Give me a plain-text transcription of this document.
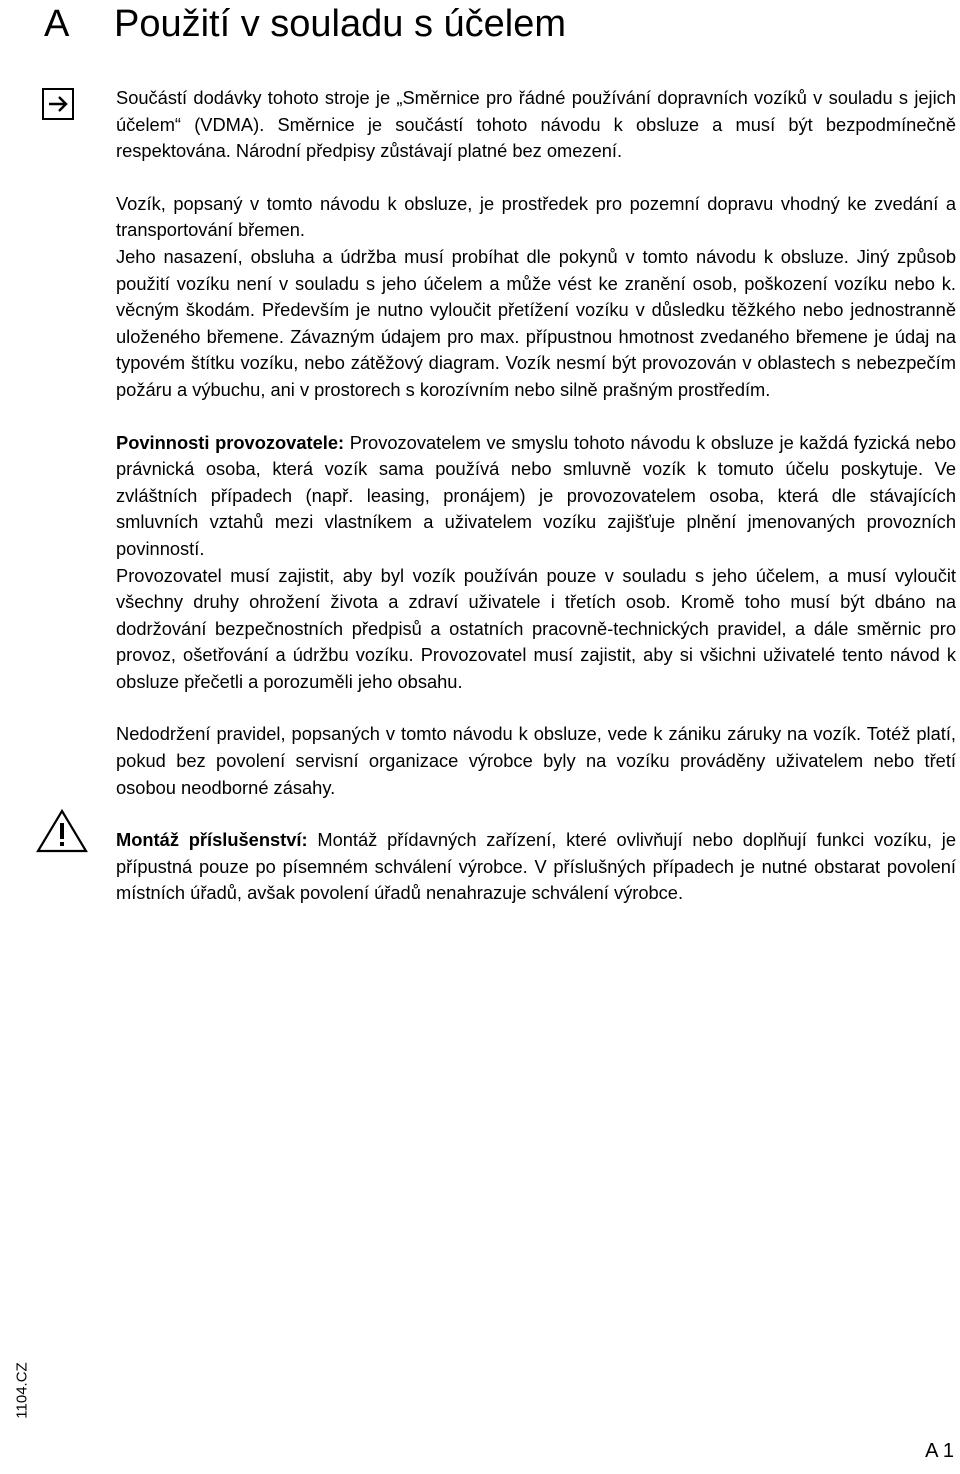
A Použití v souladu s účelem

Součástí dodávky tohoto stroje je „Směrnice pro řádné používání dopravních vozíků v souladu s jejich účelem“ (VDMA). Směrnice je součástí tohoto návodu k obsluze a musí být bezpodmínečně respektována. Národní předpisy zůstávají platné bez omezení.

Vozík, popsaný v tomto návodu k obsluze, je prostředek pro pozemní dopravu vhodný ke zvedání a transportování břemen.

Jeho nasazení, obsluha a údržba musí probíhat dle pokynů v tomto návodu k obsluze. Jiný způsob použití vozíku není v souladu s jeho účelem a může vést ke zranění osob, poškození vozíku nebo k. věcným škodám. Především je nutno vyloučit přetížení vozíku v důsledku těžkého nebo jednostranně uloženého břemene. Závazným údajem pro max. přípustnou hmotnost zvedaného břemene je údaj na typovém štítku vozíku, nebo zátěžový diagram. Vozík nesmí být provozován v oblastech s nebezpečím požáru a výbuchu, ani v prostorech s korozívním nebo silně prašným prostředím.

Povinnosti provozovatele: Provozovatelem ve smyslu tohoto návodu k obsluze je každá fyzická nebo právnická osoba, která vozík sama používá nebo smluvně vozík k tomuto účelu poskytuje. Ve zvláštních případech (např. leasing, pronájem) je provozovatelem osoba, která dle stávajících smluvních vztahů mezi vlastníkem a uživatelem vozíku zajišťuje plnění jmenovaných provozních povinností.

Provozovatel musí zajistit, aby byl vozík používán pouze v souladu s jeho účelem, a musí vyloučit všechny druhy ohrožení života a zdraví uživatele i třetích osob. Kromě toho musí být dbáno na dodržování bezpečnostních předpisů a ostatních pracovně-technických pravidel, a dále směrnic pro provoz, ošetřování a údržbu vozíku. Provozovatel musí zajistit, aby si všichni uživatelé tento návod k obsluze přečetli a porozuměli jeho obsahu.

Nedodržení pravidel, popsaných v tomto návodu k obsluze, vede k zániku záruky na vozík. Totéž platí, pokud bez povolení servisní organizace výrobce byly na vozíku prováděny uživatelem nebo třetí osobou neodborné zásahy.

Montáž příslušenství: Montáž přídavných zařízení, které ovlivňují nebo doplňují funkci vozíku, je přípustná pouze po písemném schválení výrobce. V příslušných případech je nutné obstarat povolení místních úřadů, avšak povolení úřadů nenahrazuje schválení výrobce.

1104.CZ
A 1
